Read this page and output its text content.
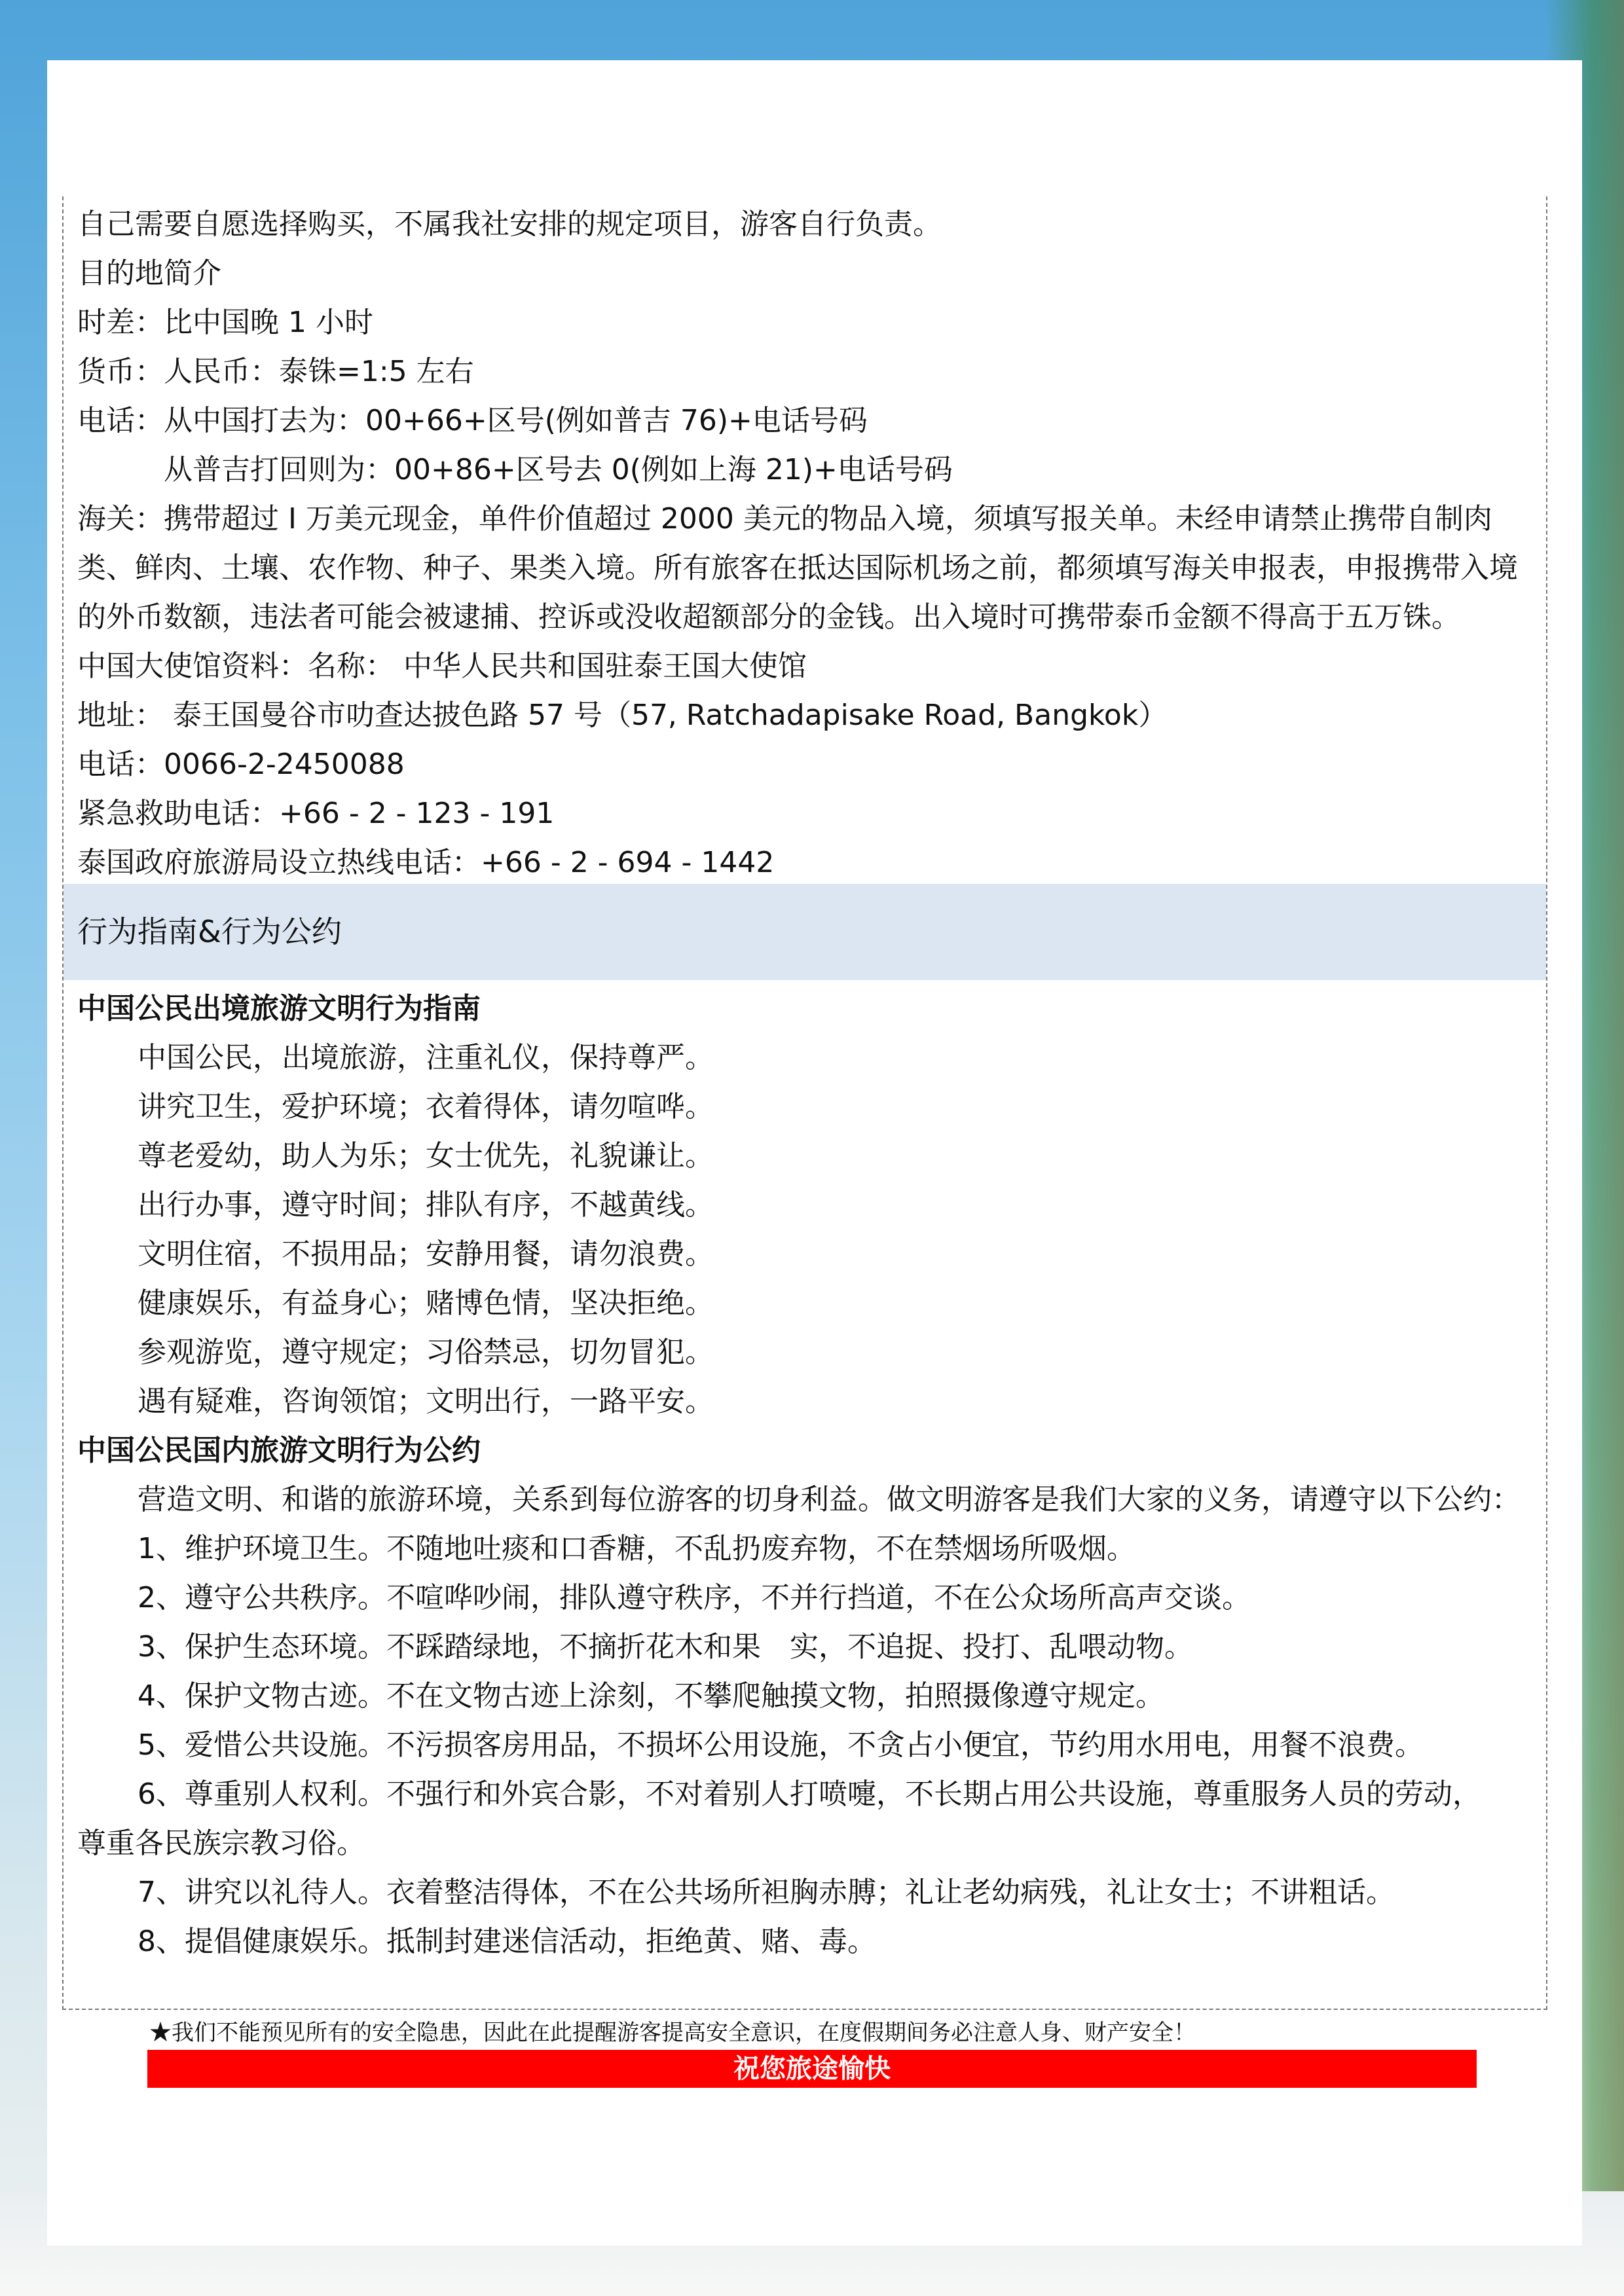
自己需要自愿选择购买，不属我社安排的规定项目，游客自行负责。
目的地简介
时差：比中国晚 1 小时
货币：人民币：泰铢=1:5 左右
电话：从中国打去为：00+66+区号(例如普吉 76)+电话号码
从普吉打回则为：00+86+区号去 0(例如上海 21)+电话号码
海关：携带超过 I 万美元现金，单件价值超过 2000 美元的物品入境，须填写报关单。未经申请禁止携带自制肉类、鲜肉、土壤、农作物、种子、果类入境。所有旅客在抵达国际机场之前，都须填写海关申报表，申报携带入境的外币数额，违法者可能会被逮捕、控诉或没收超额部分的金钱。出入境时可携带泰币金额不得高于五万铢。
中国大使馆资料：名称： 中华人民共和国驻泰王国大使馆
地址： 泰王国曼谷市叻查达披色路 57 号（57, Ratchadapisake Road, Bangkok）
电话：0066-2-2450088
紧急救助电话：+66 - 2 - 123 - 191
泰国政府旅游局设立热线电话：+66 - 2 - 694 - 1442
行为指南&行为公约
中国公民出境旅游文明行为指南
中国公民，出境旅游，注重礼仪，保持尊严。
讲究卫生，爱护环境；衣着得体，请勿喧哗。
尊老爱幼，助人为乐；女士优先，礼貌谦让。
出行办事，遵守时间；排队有序，不越黄线。
文明住宿，不损用品；安静用餐，请勿浪费。
健康娱乐，有益身心；赌博色情，坚决拒绝。
参观游览，遵守规定；习俗禁忌，切勿冒犯。
遇有疑难，咨询领馆；文明出行，一路平安。
中国公民国内旅游文明行为公约
营造文明、和谐的旅游环境，关系到每位游客的切身利益。做文明游客是我们大家的义务，请遵守以下公约：
1、维护环境卫生。不随地吐痰和口香糖，不乱扔废弃物，不在禁烟场所吸烟。
2、遵守公共秩序。不喧哗吵闹，排队遵守秩序，不并行挡道，不在公众场所高声交谈。
3、保护生态环境。不踩踏绿地，不摘折花木和果　实，不追捉、投打、乱喂动物。
4、保护文物古迹。不在文物古迹上涂刻，不攀爬触摸文物，拍照摄像遵守规定。
5、爱惜公共设施。不污损客房用品，不损坏公用设施，不贪占小便宜，节约用水用电，用餐不浪费。
6、尊重别人权利。不强行和外宾合影，不对着别人打喷嚏，不长期占用公共设施，尊重服务人员的劳动，
尊重各民族宗教习俗。
7、讲究以礼待人。衣着整洁得体，不在公共场所袒胸赤膊；礼让老幼病残，礼让女士；不讲粗话。
8、提倡健康娱乐。抵制封建迷信活动，拒绝黄、赌、毒。
★我们不能预见所有的安全隐患，因此在此提醒游客提高安全意识，在度假期间务必注意人身、财产安全！
祝您旅途愉快
